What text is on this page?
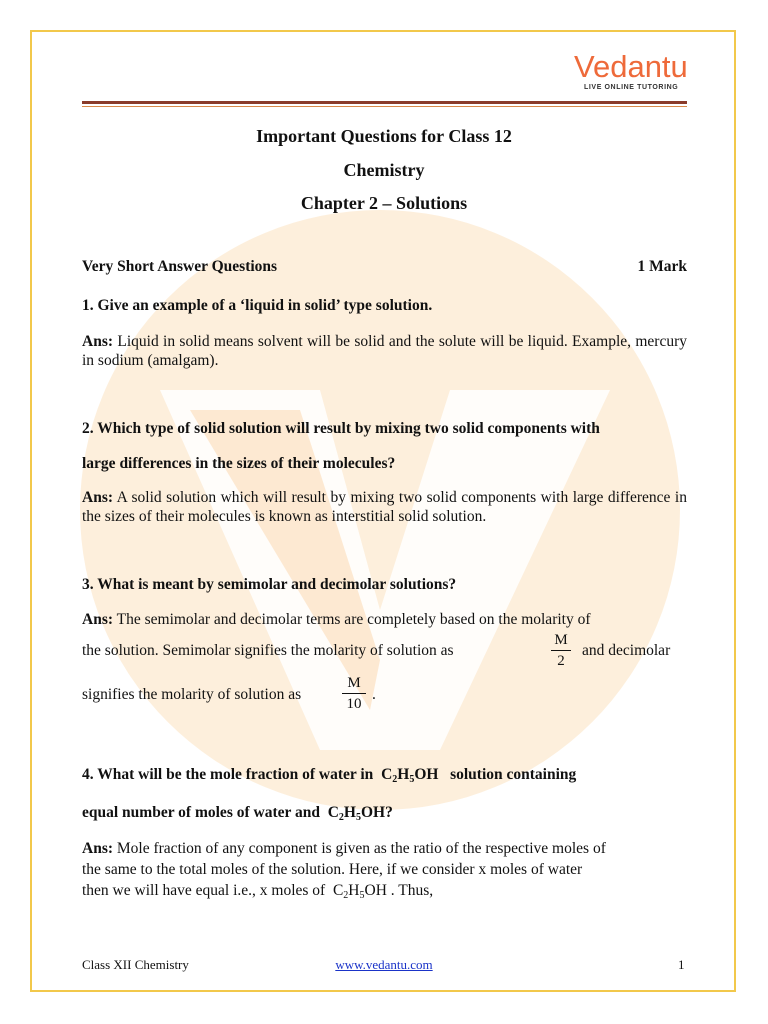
Vedantu
LIVE ONLINE TUTORING
Important Questions for Class 12
Chemistry
Chapter 2 – Solutions
Very Short Answer Questions	1 Mark
1. Give an example of a ‘liquid in solid’ type solution.
Ans: Liquid in solid means solvent will be solid and the solute will be liquid. Example, mercury in sodium (amalgam).
2. Which type of solid solution will result by mixing two solid components with
large differences in the sizes of their molecules?
Ans: A solid solution which will result by mixing two solid components with large difference in the sizes of their molecules is known as interstitial solid solution.
3. What is meant by semimolar and decimolar solutions?
Ans: The semimolar and decimolar terms are completely based on the molarity of
the solution. Semimolar signifies the molarity of solution as
M
2
and decimolar
signifies the molarity of solution as
M
10
.
4. What will be the mole fraction of water in $C_2H_5OH$ solution containing
equal number of moles of water and $C_2H_5OH$?
Ans: Mole fraction of any component is given as the ratio of the respective moles of
the same to the total moles of the solution. Here, if we consider x moles of water
then we will have equal i.e., x moles of $C_2H_5OH$ . Thus,
Class XII Chemistry	www.vedantu.com	1
